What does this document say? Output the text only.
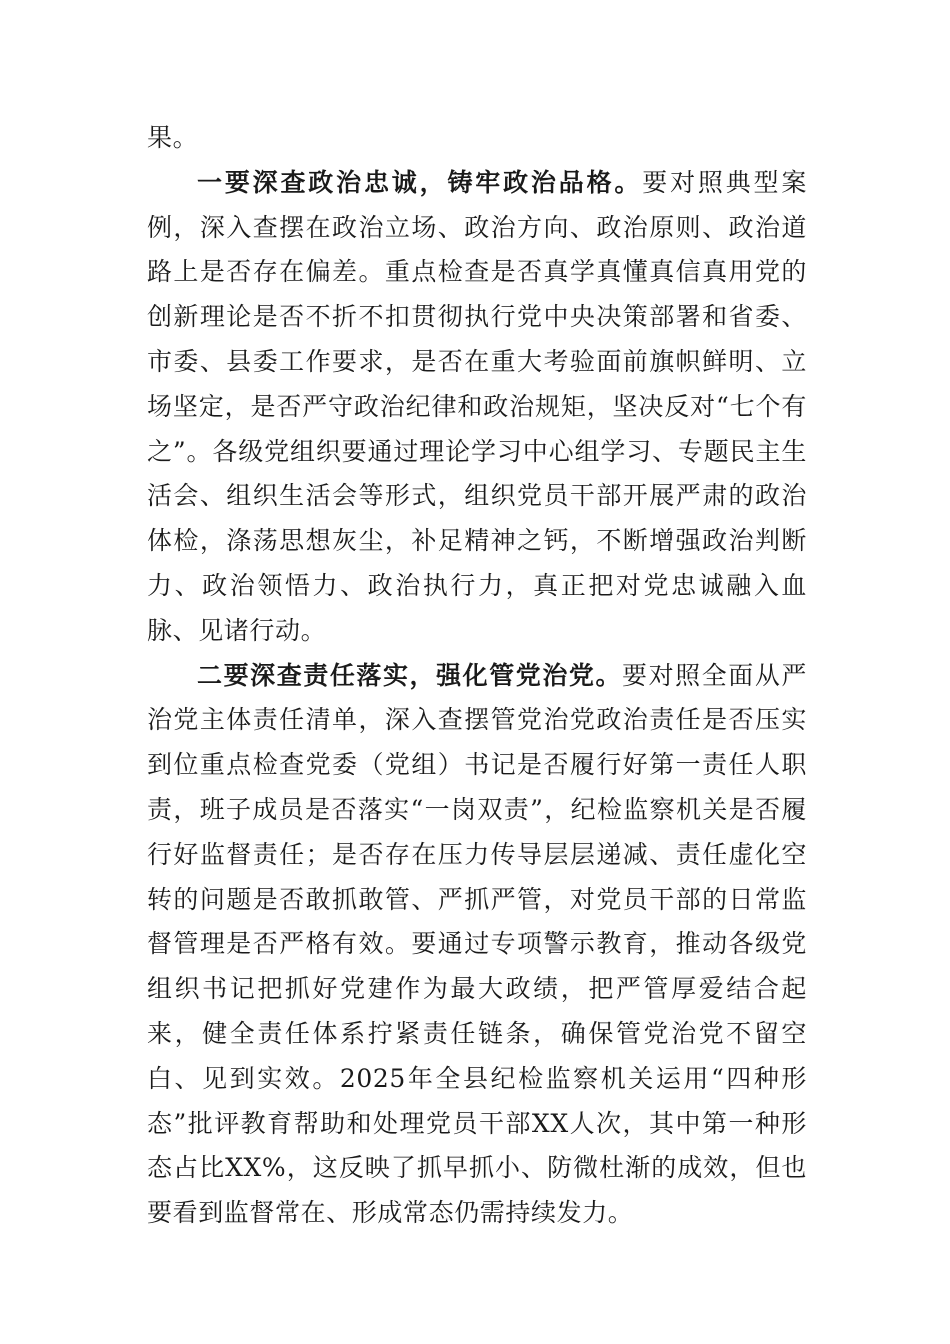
果。

一要深查政治忠诚，铸牢政治品格。要对照典型案例，深入查摆在政治立场、政治方向、政治原则、政治道路上是否存在偏差。重点检查是否真学真懂真信真用党的创新理论是否不折不扣贯彻执行党中央决策部署和省委、市委、县委工作要求，是否在重大考验面前旗帜鲜明、立场坚定，是否严守政治纪律和政治规矩，坚决反对“七个有之”。各级党组织要通过理论学习中心组学习、专题民主生活会、组织生活会等形式，组织党员干部开展严肃的政治体检，涤荡思想灰尘，补足精神之钙，不断增强政治判断力、政治领悟力、政治执行力，真正把对党忠诚融入血脉、见诸行动。

二要深查责任落实，强化管党治党。要对照全面从严治党主体责任清单，深入查摆管党治党政治责任是否压实到位重点检查党委（党组）书记是否履行好第一责任人职责，班子成员是否落实“一岗双责”，纪检监察机关是否履行好监督责任；是否存在压力传导层层递减、责任虚化空转的问题是否敢抓敢管、严抓严管，对党员干部的日常监督管理是否严格有效。要通过专项警示教育，推动各级党组织书记把抓好党建作为最大政绩，把严管厚爱结合起来，健全责任体系拧紧责任链条，确保管党治党不留空白、见到实效。2025年全县纪检监察机关运用“四种形态”批评教育帮助和处理党员干部XX人次，其中第一种形态占比XX%，这反映了抓早抓小、防微杜渐的成效，但也要看到监督常在、形成常态仍需持续发力。
